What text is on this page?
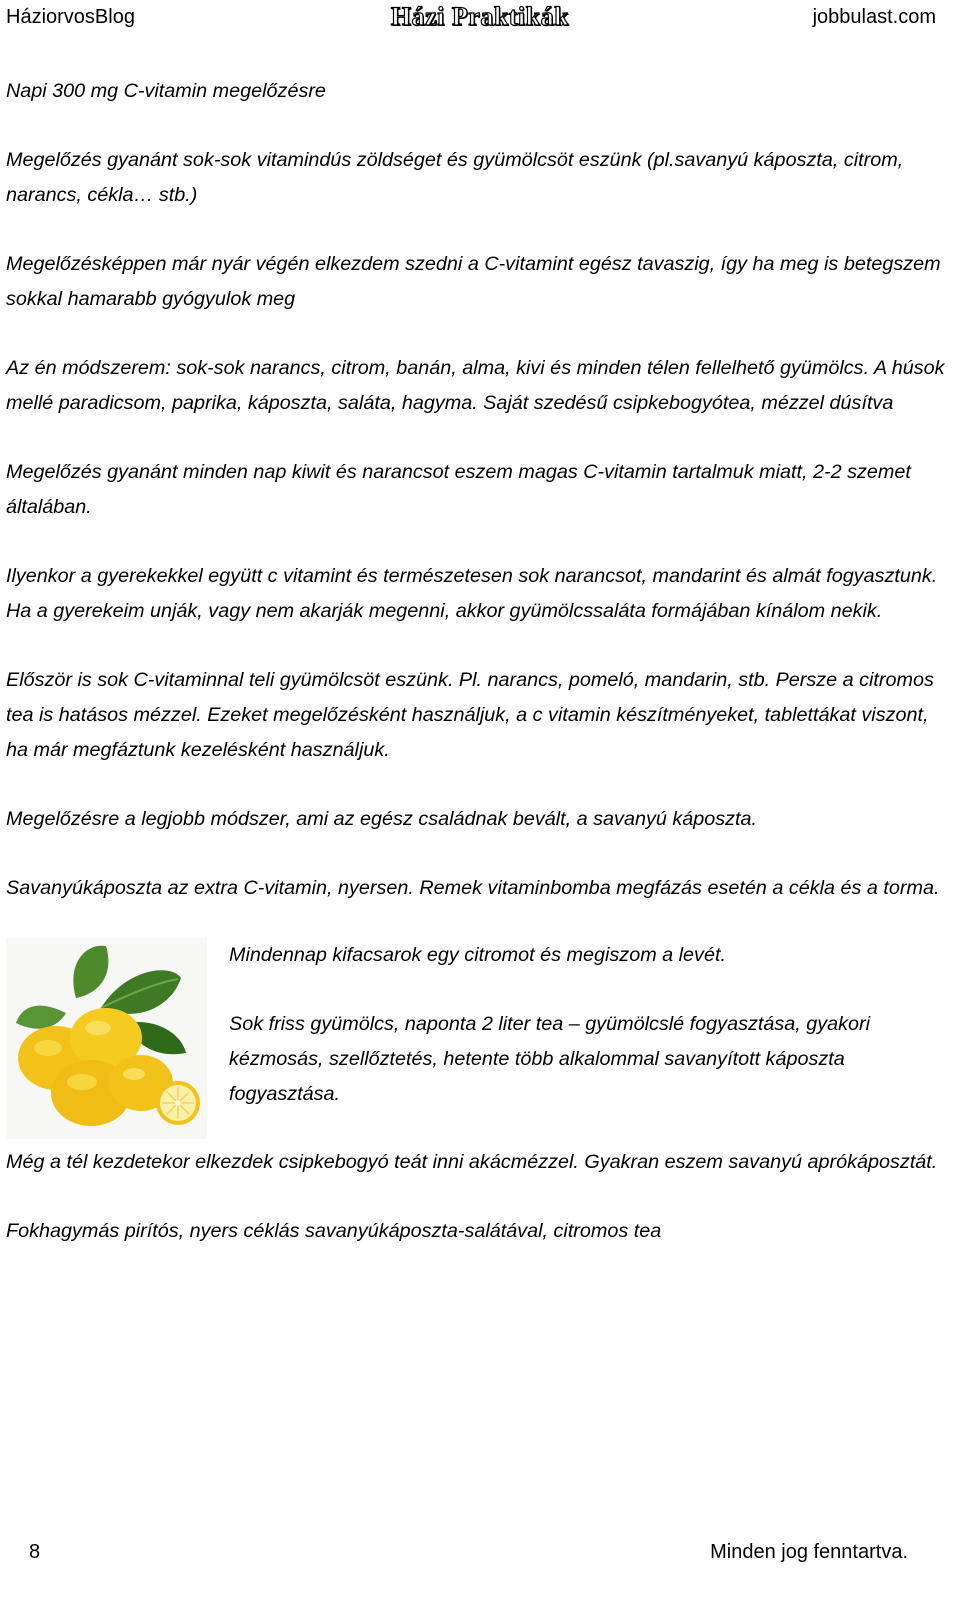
HáziorvosBlog	Házi Praktikák	jobbulast.com

Napi 300 mg C-vitamin megelőzésre

Megelőzés gyanánt sok-sok vitamindús zöldséget és gyümölcsöt eszünk (pl.savanyú káposzta, citrom, narancs, cékla… stb.)

Megelőzésképpen már nyár végén elkezdem szedni a C-vitamint egész tavaszig, így ha meg is betegszem sokkal hamarabb gyógyulok meg

Az én módszerem: sok-sok narancs, citrom, banán, alma, kivi és minden télen fellelhető gyümölcs. A húsok mellé paradicsom, paprika, káposzta, saláta, hagyma. Saját szedésű csipkebogyótea, mézzel dúsítva

Megelőzés gyanánt minden nap kiwit és narancsot eszem magas C-vitamin tartalmuk miatt, 2-2 szemet általában.

Ilyenkor a gyerekekkel együtt c vitamint és természetesen sok narancsot, mandarint és almát fogyasztunk. Ha a gyerekeim unják, vagy nem akarják megenni, akkor gyümölcssaláta formájában kínálom nekik.

Először is sok C-vitaminnal teli gyümölcsöt eszünk. Pl. narancs, pomeló, mandarin, stb. Persze a citromos tea is hatásos mézzel. Ezeket megelőzésként használjuk, a c vitamin készítményeket, tablettákat viszont, ha már megfáztunk kezelésként használjuk.

Megelőzésre a legjobb módszer, ami az egész családnak bevált, a savanyú káposzta.

Savanyúkáposzta az extra C-vitamin, nyersen. Remek vitaminbomba megfázás esetén a cékla és a torma.

Mindennap kifacsarok egy citromot és megiszom a levét.

Sok friss gyümölcs, naponta 2 liter tea – gyümölcslé fogyasztása, gyakori kézmosás, szellőztetés, hetente több alkalommal savanyított káposzta fogyasztása.

Még a tél kezdetekor elkezdek csipkebogyó teát inni akácmézzel. Gyakran eszem savanyú aprókáposztát.

Fokhagymás pirítós, nyers céklás savanyúkáposzta-salátával, citromos tea

8	Minden jog fenntartva.
